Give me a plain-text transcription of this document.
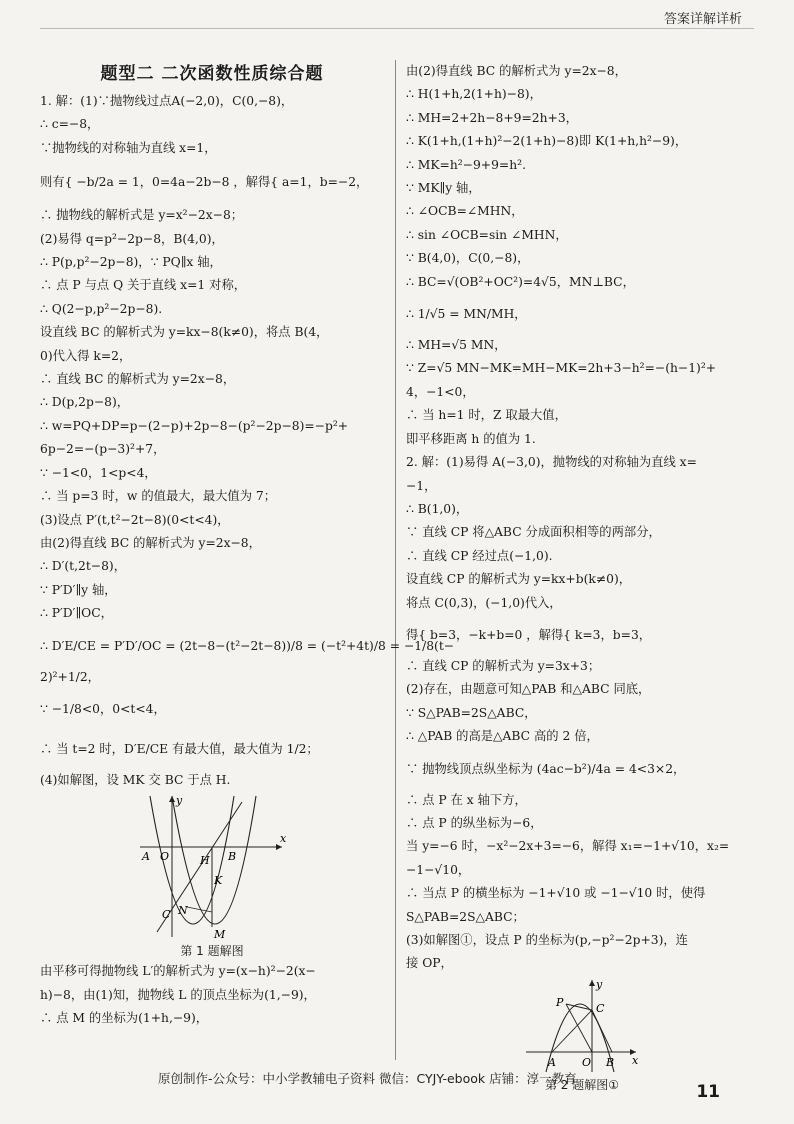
答案详解详析
题型二 二次函数性质综合题
1. 解：(1)∵抛物线过点A(−2,0)，C(0,−8)，
∴ c=−8，
∵抛物线的对称轴为直线 x=1，
则有{ −b/2a = 1，0=4a−2b−8 ，解得{ a=1，b=−2，
∴ 抛物线的解析式是 y=x²−2x−8；
(2)易得 q=p²−2p−8，B(4,0)，
∴ P(p,p²−2p−8)，∵ PQ∥x 轴，
∴ 点 P 与点 Q 关于直线 x=1 对称，
∴ Q(2−p,p²−2p−8).
设直线 BC 的解析式为 y=kx−8(k≠0)，将点 B(4，
0)代入得 k=2，
∴ 直线 BC 的解析式为 y=2x−8，
∴ D(p,2p−8)，
∴ w=PQ+DP=p−(2−p)+2p−8−(p²−2p−8)=−p²+
6p−2=−(p−3)²+7，
∵ −1<0，1<p<4，
∴ 当 p=3 时，w 的值最大，最大值为 7；
(3)设点 P′(t,t²−2t−8)(0<t<4)，
由(2)得直线 BC 的解析式为 y=2x−8，
∴ D′(t,2t−8)，
∵ P′D′∥y 轴，
∴ P′D′∥OC，
∴ D′E/CE = P′D′/OC = (2t−8−(t²−2t−8))/8 = (−t²+4t)/8 = −1/8(t−
2)²+1/2，
∵ −1/8<0，0<t<4，
∴ 当 t=2 时，D′E/CE 有最大值，最大值为 1/2；
(4)如解图，设 MK 交 BC 于点 H.
y
x
A O	H B
K
C N
M
第 1 题解图
由平移可得抛物线 L′的解析式为 y=(x−h)²−2(x−
h)−8，由(1)知，抛物线 L 的顶点坐标为(1,−9)，
∴ 点 M 的坐标为(1+h,−9)，
由(2)得直线 BC 的解析式为 y=2x−8，
∴ H(1+h,2(1+h)−8)，
∴ MH=2+2h−8+9=2h+3，
∴ K(1+h,(1+h)²−2(1+h)−8)即 K(1+h,h²−9)，
∴ MK=h²−9+9=h².
∵ MK∥y 轴，
∴ ∠OCB=∠MHN，
∴ sin ∠OCB=sin ∠MHN，
∵ B(4,0)，C(0,−8)，
∴ BC=√(OB²+OC²)=4√5，MN⊥BC，
∴ 1/√5 = MN/MH，
∴ MH=√5 MN，
∵ Z=√5 MN−MK=MH−MK=2h+3−h²=−(h−1)²+
4，−1<0，
∴ 当 h=1 时，Z 取最大值，
即平移距离 h 的值为 1.
2. 解：(1)易得 A(−3,0)，抛物线的对称轴为直线 x=
−1，
∴ B(1,0)，
∵ 直线 CP 将△ABC 分成面积相等的两部分，
∴ 直线 CP 经过点(−1,0).
设直线 CP 的解析式为 y=kx+b(k≠0)，
将点 C(0,3)，(−1,0)代入，
得{ b=3，−k+b=0 ，解得{ k=3，b=3，
∴ 直线 CP 的解析式为 y=3x+3；
(2)存在，由题意可知△PAB 和△ABC 同底，
∵ S△PAB=2S△ABC，
∴ △PAB 的高是△ABC 高的 2 倍，
∵ 抛物线顶点纵坐标为 (4ac−b²)/4a = 4<3×2，
∴ 点 P 在 x 轴下方，
∴ 点 P 的纵坐标为−6，
当 y=−6 时，−x²−2x+3=−6，解得 x₁=−1+√10，x₂=
−1−√10，
∴ 当点 P 的横坐标为 −1+√10 或 −1−√10 时，使得
S△PAB=2S△ABC；
(3)如解图①，设点 P 的坐标为(p,−p²−2p+3)，连
接 OP，
y
P	C
A O B x
第 2 题解图①
原创制作-公众号：中小学教辅电子资料 微信：CYJY-ebook 店铺：淳一教育
11
